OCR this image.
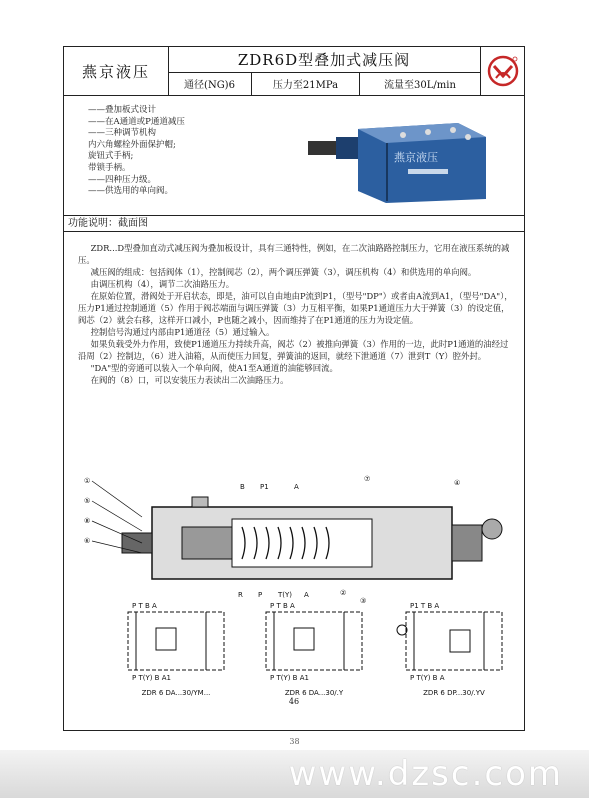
燕京液压
ZDR6D型叠加式减压阀
通径(NG)6	压力至21MPa	流量至30L/min
——叠加板式设计
——在A通道或P通道减压
——三种调节机构
内六角螺栓外面保护帽;
旋钮式手柄;
带锁手柄。
——四种压力级。
——供选用的单向阀。
燕京液压
功能说明：截面图

ZDR...D型叠加直动式减压阀为叠加板设计，具有三通特性，例如，在二次油路路控制压力，它用在液压系统的减压。

减压阀的组成：包括阀体（1），控制阀芯（2），两个调压弹簧（3），调压机构（4）和供选用的单向阀。

由调压机构（4），调节二次油路压力。

在原始位置，滑阀处于开启状态，即是，油可以自由地由P流到P1，（型号"DP"）或者由A流到A1，（型号"DA"），压力P1通过控制通道（5）作用于阀芯端面与调压弹簧（3）力互相平衡，如果P1通道压力大于弹簧（3）的设定值，阀芯（2）就会右移，这样开口减小，P也随之减小，因而维持了在P1通道的压力为设定值。

控制信号沟通过内部由P1通道径（5）通过输入。

如果负载受外力作用，致使P1通道压力持续升高，阀芯（2）被推向弹簧（3）作用的一边，此时P1通道的油经过沿周（2）控制边，（6）进入油箱，从而使压力回复，弹簧油的返回，就经下泄通道（7）泄到T（Y）腔外封。

"DA"型的旁通可以装入一个单向阀，使A1至A通道的油能够回流。

在阀的（8）口，可以安装压力表读出二次油路压力。

①
⑤
⑧
⑥
⑦	④
②
③
B P1	A
R P T(Y) A
P T B A
P T(Y) B A1
ZDR 6 DA...30/YM...
P T B A
P T(Y) B A1
ZDR 6 DA...30/.Y
P1 T B A
P T(Y) B A
ZDR 6 DP...30/.YV
46
38
www.dzsc.com
